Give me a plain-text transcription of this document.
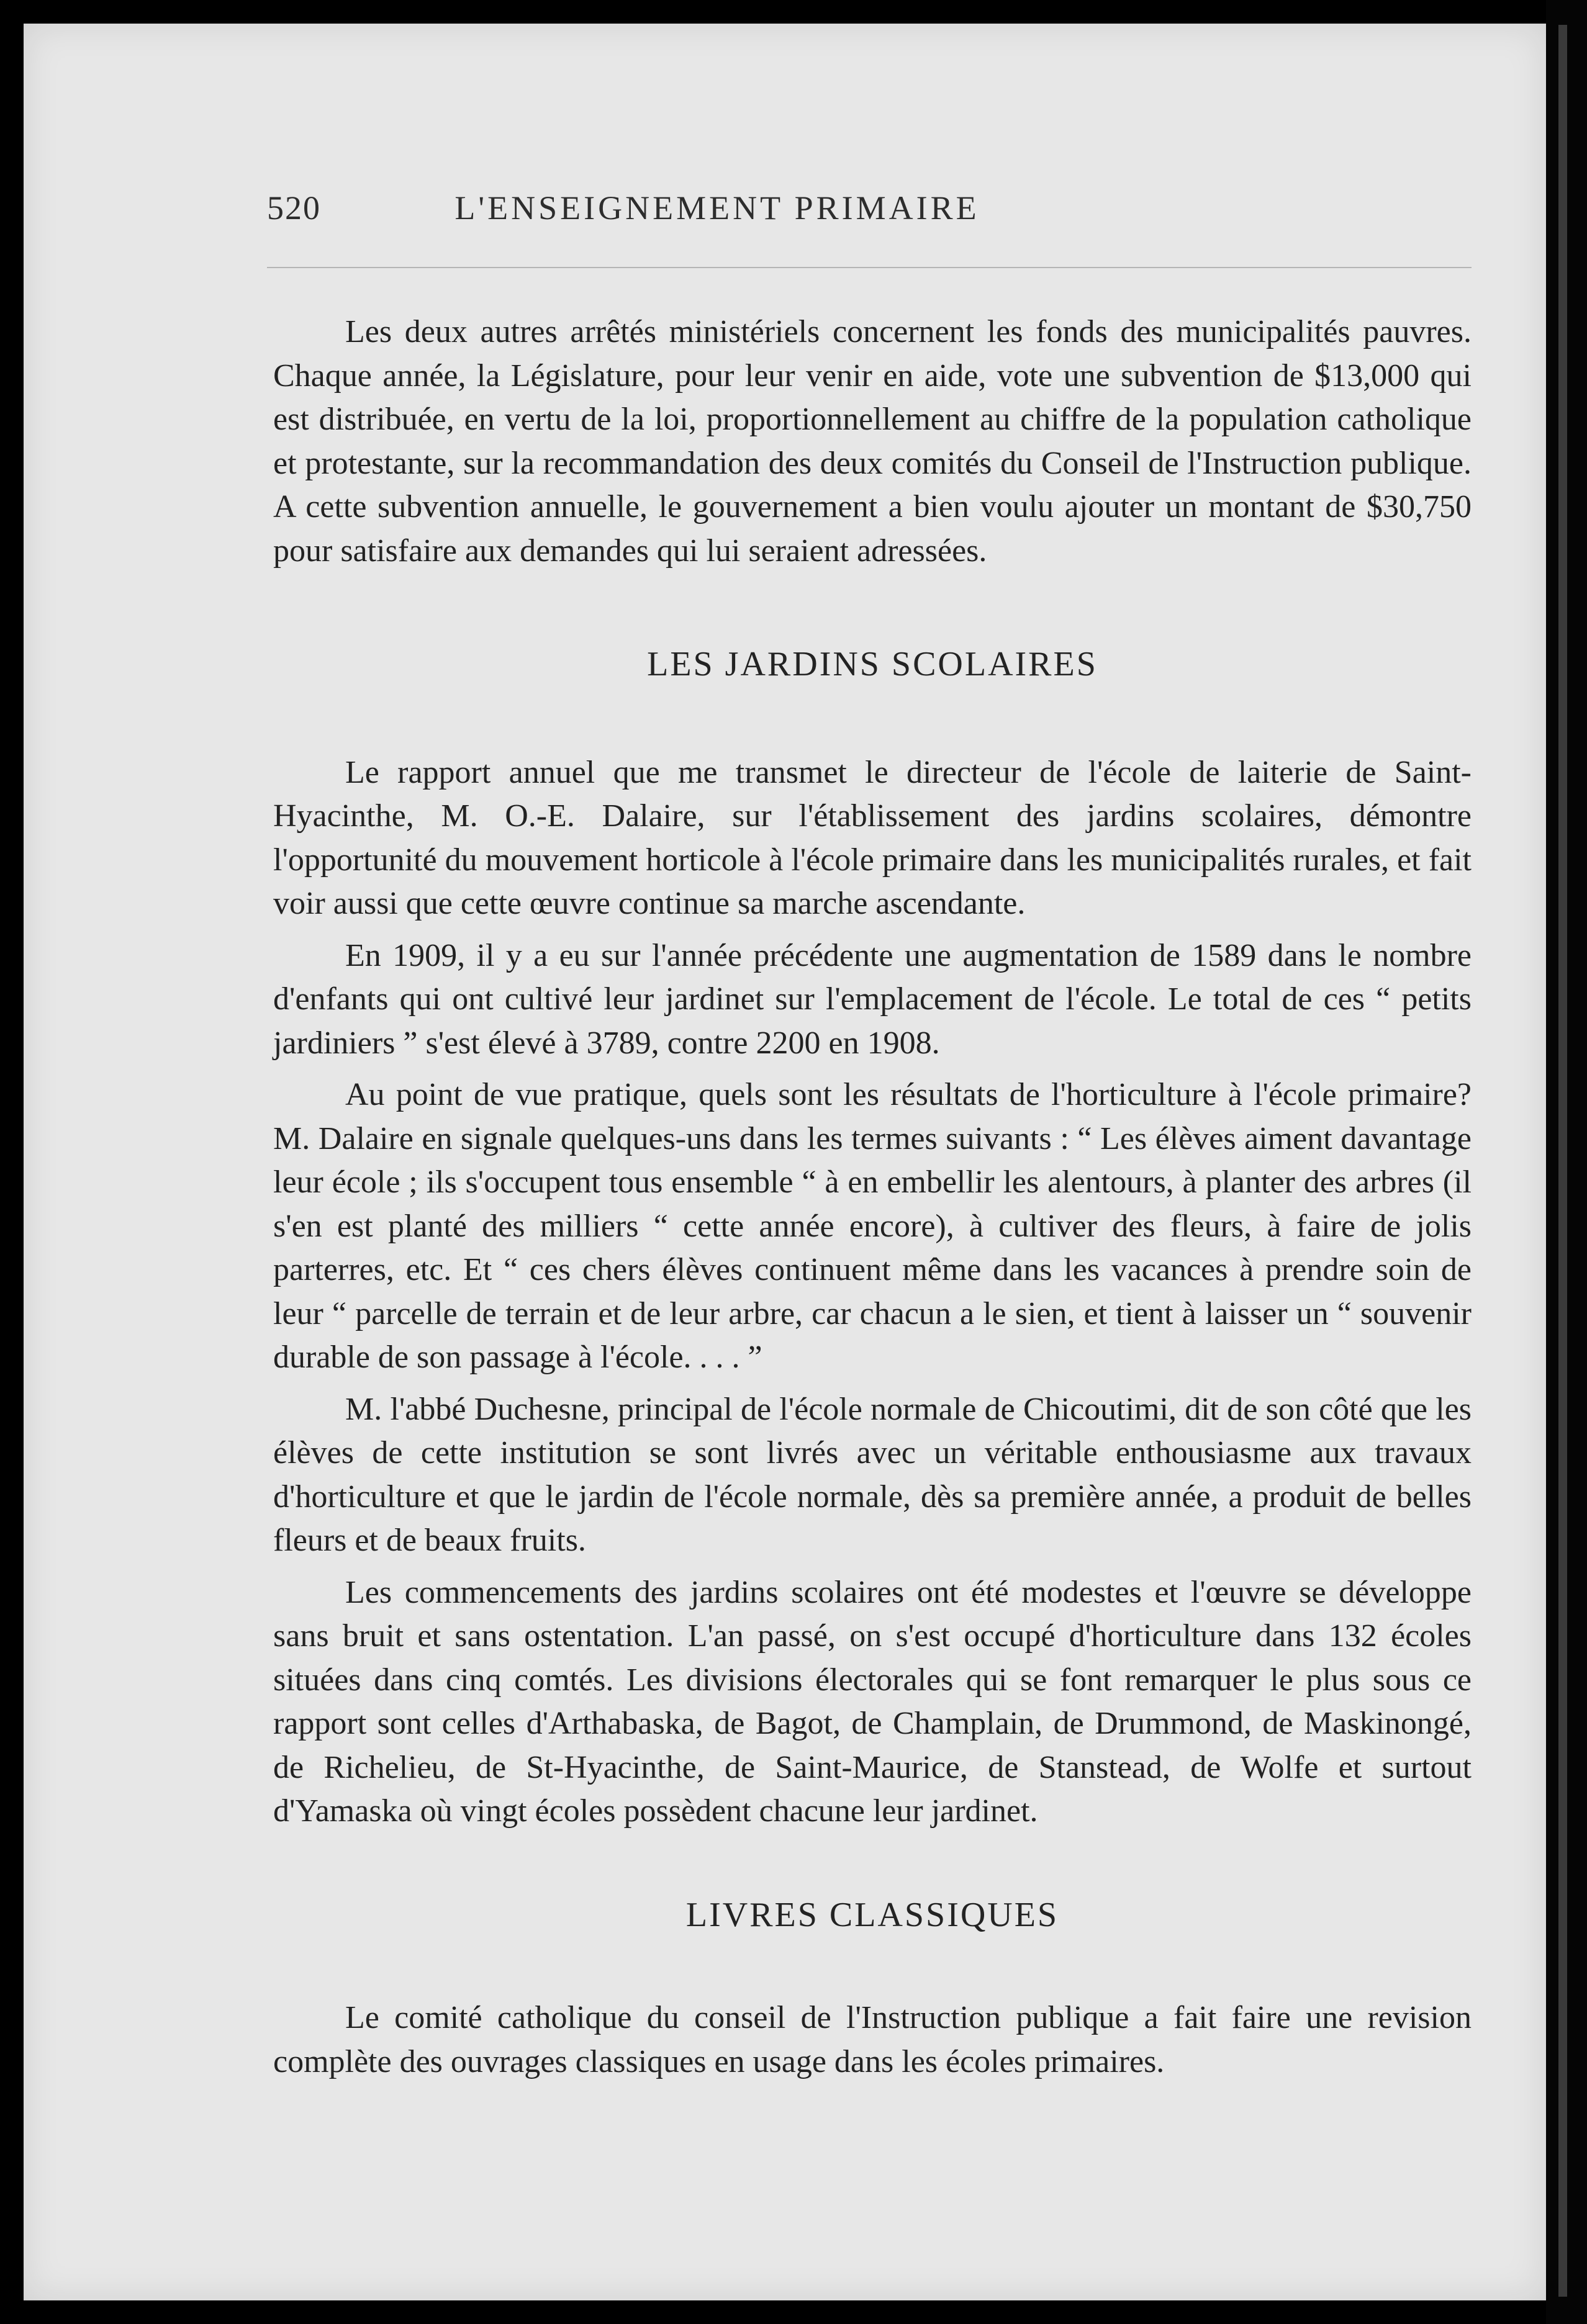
520	L'ENSEIGNEMENT PRIMAIRE

Les deux autres arrêtés ministériels concernent les fonds des municipalités pauvres. Chaque année, la Législature, pour leur venir en aide, vote une subvention de $13,000 qui est distribuée, en vertu de la loi, proportionnellement au chiffre de la population catholique et protestante, sur la recommandation des deux comités du Conseil de l'Instruction publique. A cette subvention annuelle, le gouvernement a bien voulu ajouter un montant de $30,750 pour satisfaire aux demandes qui lui seraient adressées.

LES JARDINS SCOLAIRES

Le rapport annuel que me transmet le directeur de l'école de laiterie de Saint-Hyacinthe, M. O.-E. Dalaire, sur l'établissement des jardins scolaires, démontre l'opportunité du mouvement horticole à l'école primaire dans les municipalités rurales, et fait voir aussi que cette œuvre continue sa marche ascendante.

En 1909, il y a eu sur l'année précédente une augmentation de 1589 dans le nombre d'enfants qui ont cultivé leur jardinet sur l'emplacement de l'école. Le total de ces “ petits jardiniers ” s'est élevé à 3789, contre 2200 en 1908.

Au point de vue pratique, quels sont les résultats de l'horticulture à l'école primaire? M. Dalaire en signale quelques-uns dans les termes suivants : “ Les élèves aiment davantage leur école ; ils s'occupent tous ensemble “ à en embellir les alentours, à planter des arbres (il s'en est planté des milliers “ cette année encore), à cultiver des fleurs, à faire de jolis parterres, etc. Et “ ces chers élèves continuent même dans les vacances à prendre soin de leur “ parcelle de terrain et de leur arbre, car chacun a le sien, et tient à laisser un “ souvenir durable de son passage à l'école. . . . ”

M. l'abbé Duchesne, principal de l'école normale de Chicoutimi, dit de son côté que les élèves de cette institution se sont livrés avec un véritable enthousiasme aux travaux d'horticulture et que le jardin de l'école normale, dès sa première année, a produit de belles fleurs et de beaux fruits.

Les commencements des jardins scolaires ont été modestes et l'œuvre se développe sans bruit et sans ostentation. L'an passé, on s'est occupé d'horticulture dans 132 écoles situées dans cinq comtés. Les divisions électorales qui se font remarquer le plus sous ce rapport sont celles d'Arthabaska, de Bagot, de Champlain, de Drummond, de Maskinongé, de Richelieu, de St-Hyacinthe, de Saint-Maurice, de Stanstead, de Wolfe et surtout d'Yamaska où vingt écoles possèdent chacune leur jardinet.

LIVRES CLASSIQUES

Le comité catholique du conseil de l'Instruction publique a fait faire une revision complète des ouvrages classiques en usage dans les écoles primaires.
